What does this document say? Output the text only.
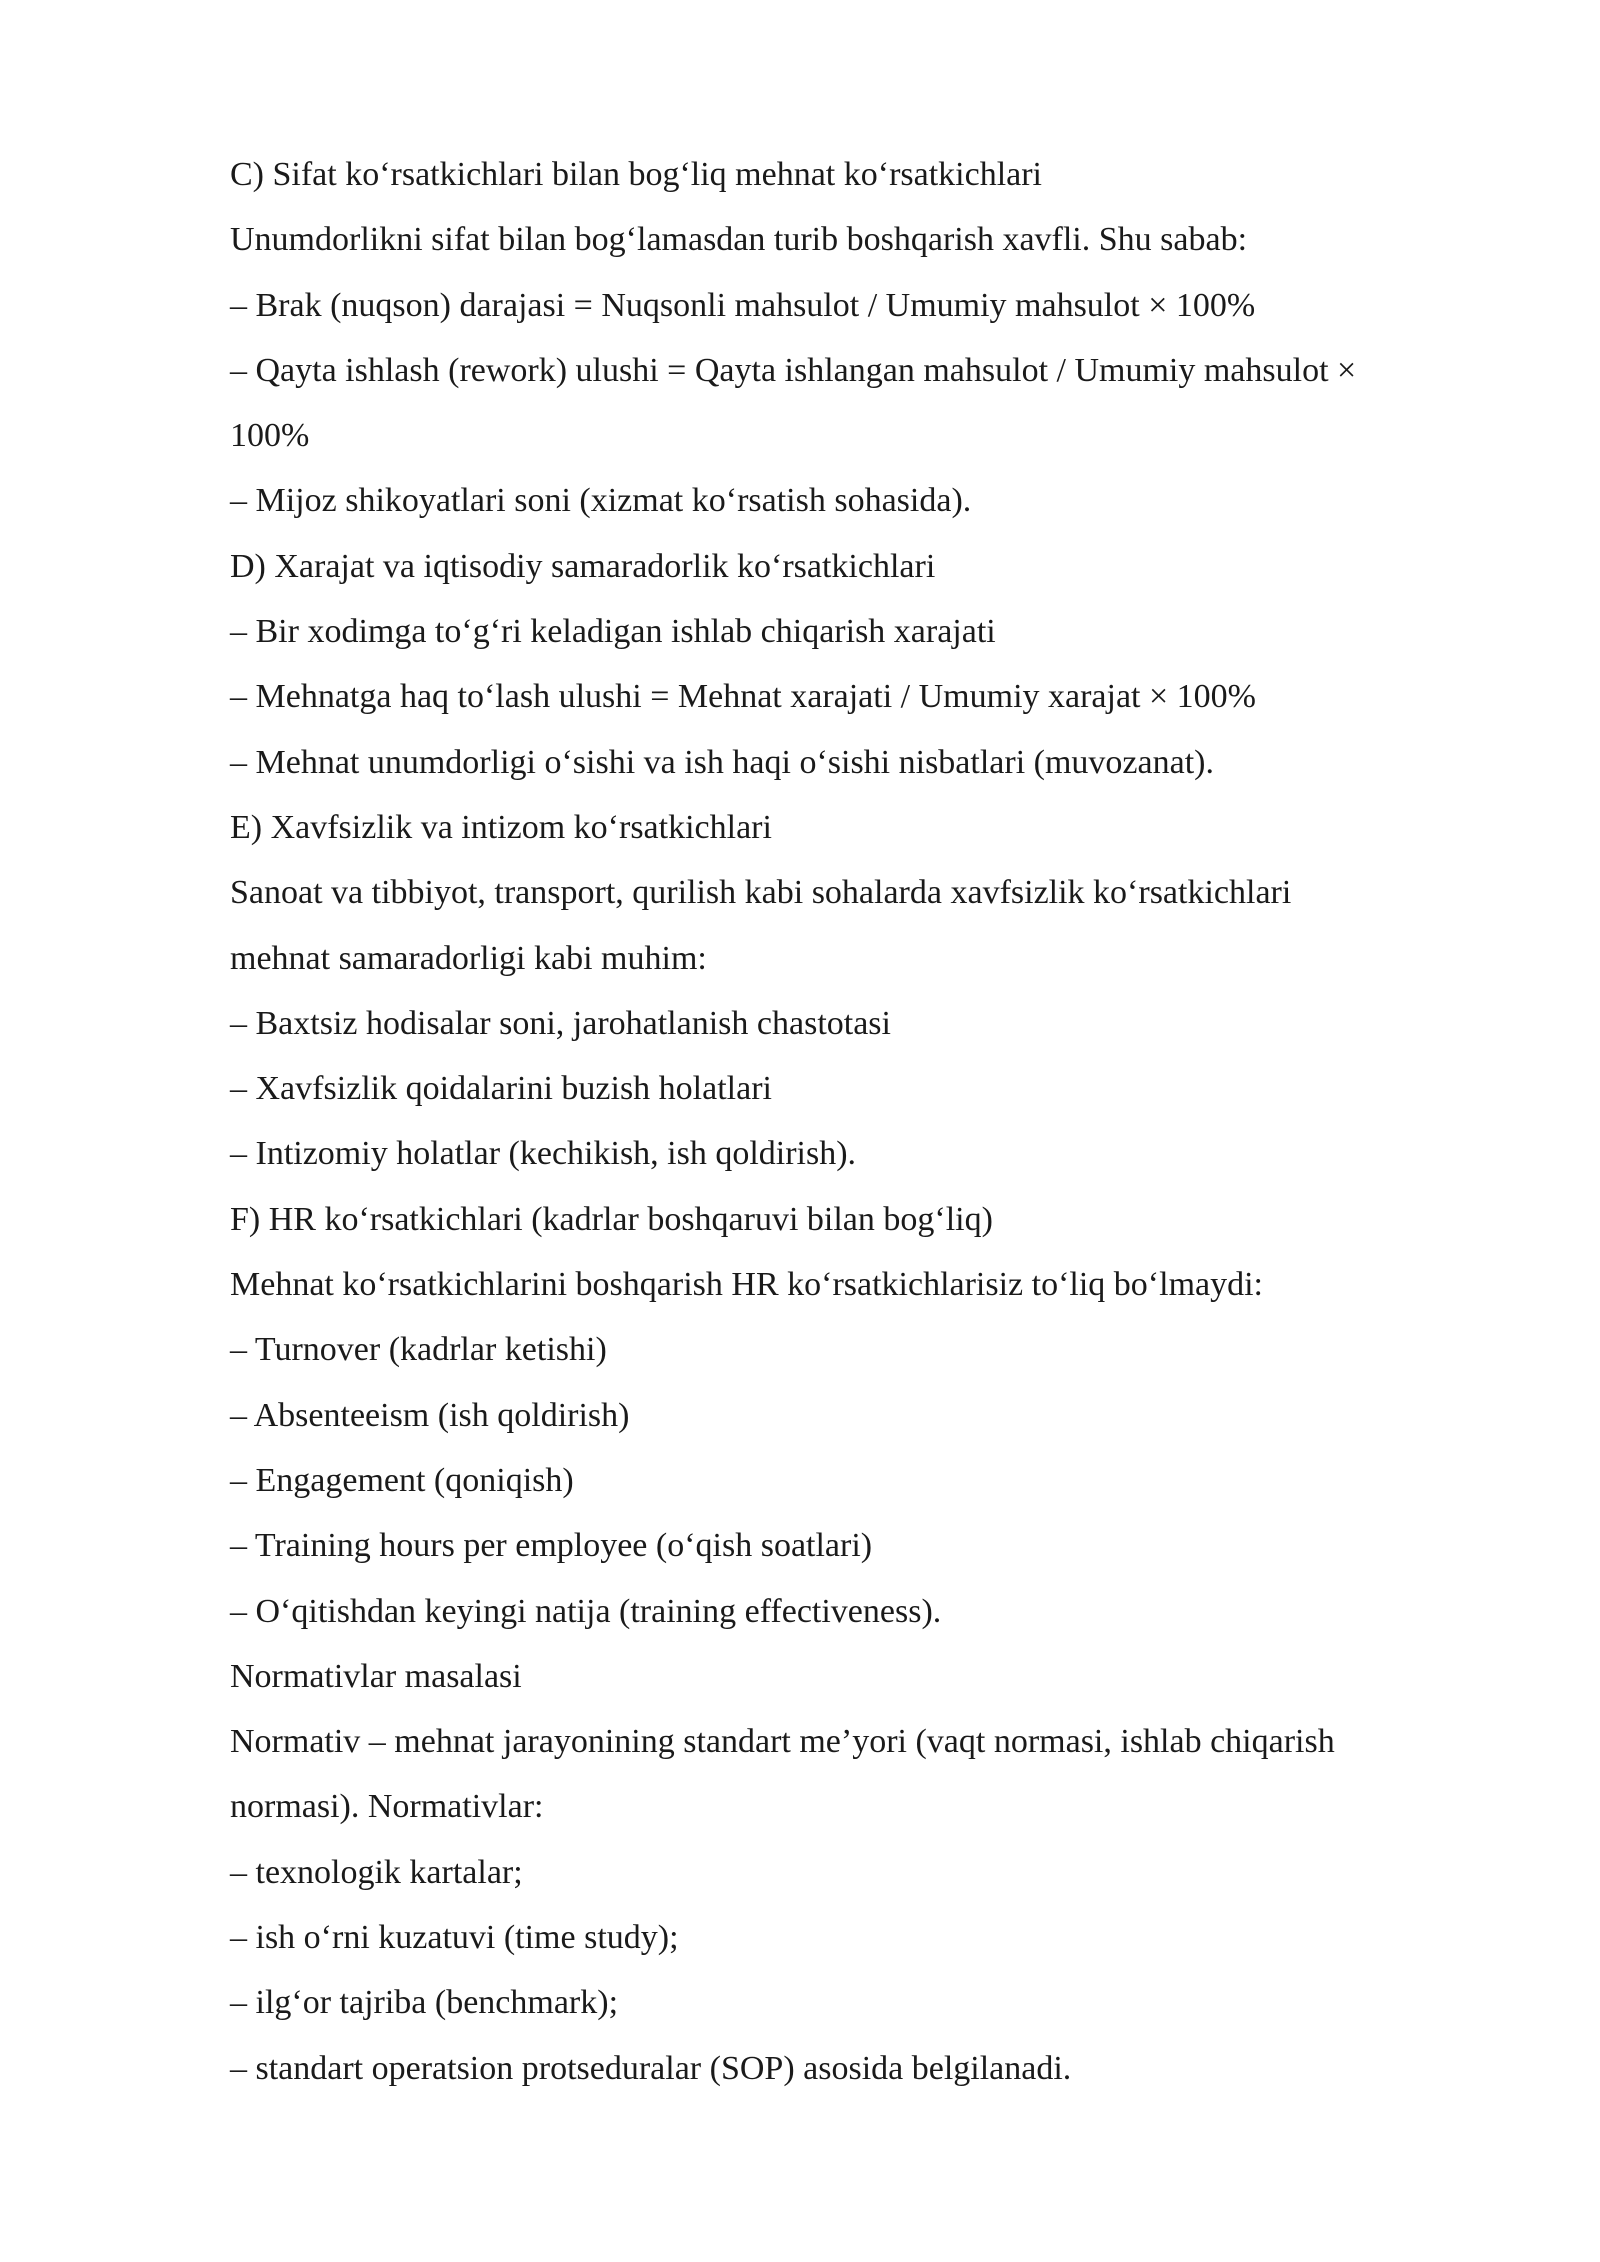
C) Sifat koʻrsatkichlari bilan bogʻliq mehnat koʻrsatkichlari

Unumdorlikni sifat bilan bogʻlamasdan turib boshqarish xavfli. Shu sabab:

– Brak (nuqson) darajasi = Nuqsonli mahsulot / Umumiy mahsulot × 100%

– Qayta ishlash (rework) ulushi = Qayta ishlangan mahsulot / Umumiy mahsulot ×

100%

– Mijoz shikoyatlari soni (xizmat koʻrsatish sohasida).

D) Xarajat va iqtisodiy samaradorlik koʻrsatkichlari

– Bir xodimga toʻgʻri keladigan ishlab chiqarish xarajati

– Mehnatga haq toʻlash ulushi = Mehnat xarajati / Umumiy xarajat × 100%

– Mehnat unumdorligi oʻsishi va ish haqi oʻsishi nisbatlari (muvozanat).

E) Xavfsizlik va intizom koʻrsatkichlari

Sanoat va tibbiyot, transport, qurilish kabi sohalarda xavfsizlik koʻrsatkichlari

mehnat samaradorligi kabi muhim:

– Baxtsiz hodisalar soni, jarohatlanish chastotasi

– Xavfsizlik qoidalarini buzish holatlari

– Intizomiy holatlar (kechikish, ish qoldirish).

F) HR koʻrsatkichlari (kadrlar boshqaruvi bilan bogʻliq)

Mehnat koʻrsatkichlarini boshqarish HR koʻrsatkichlarisiz toʻliq boʻlmaydi:

– Turnover (kadrlar ketishi)

– Absenteeism (ish qoldirish)

– Engagement (qoniqish)

– Training hours per employee (oʻqish soatlari)

– Oʻqitishdan keyingi natija (training effectiveness).

Normativlar masalasi

Normativ – mehnat jarayonining standart me’yori (vaqt normasi, ishlab chiqarish

normasi). Normativlar:

– texnologik kartalar;

– ish oʻrni kuzatuvi (time study);

– ilgʻor tajriba (benchmark);

– standart operatsion protseduralar (SOP) asosida belgilanadi.
